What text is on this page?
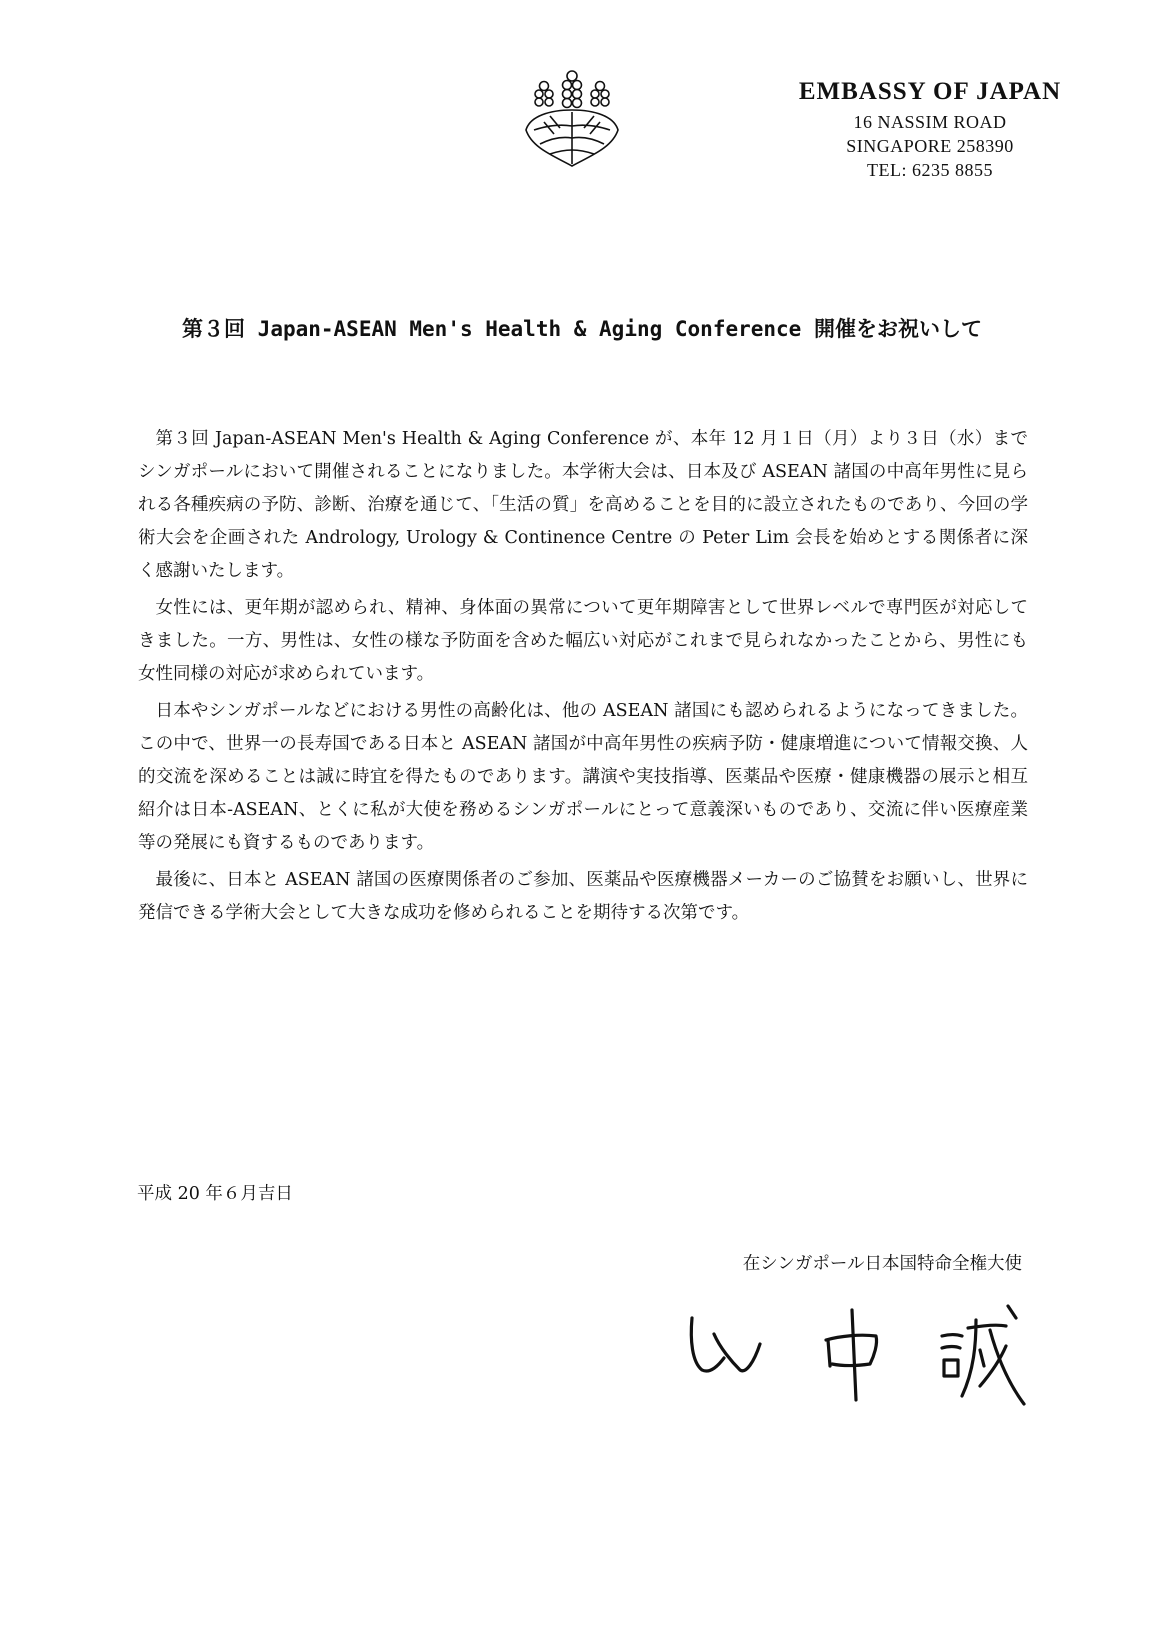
EMBASSY OF JAPAN
16 NASSIM ROAD
SINGAPORE 258390
TEL: 6235 8855
第３回 Japan-ASEAN Men's Health & Aging Conference 開催をお祝いして

第３回 Japan-ASEAN Men's Health & Aging Conference が、本年 12 月１日（月）より３日（水）までシンガポールにおいて開催されることになりました。本学術大会は、日本及び ASEAN 諸国の中高年男性に見られる各種疾病の予防、診断、治療を通じて、「生活の質」を高めることを目的に設立されたものであり、今回の学術大会を企画された Andrology, Urology & Continence Centre の Peter Lim 会長を始めとする関係者に深く感謝いたします。

女性には、更年期が認められ、精神、身体面の異常について更年期障害として世界レベルで専門医が対応してきました。一方、男性は、女性の様な予防面を含めた幅広い対応がこれまで見られなかったことから、男性にも女性同様の対応が求められています。

日本やシンガポールなどにおける男性の高齢化は、他の ASEAN 諸国にも認められるようになってきました。この中で、世界一の長寿国である日本と ASEAN 諸国が中高年男性の疾病予防・健康増進について情報交換、人的交流を深めることは誠に時宜を得たものであります。講演や実技指導、医薬品や医療・健康機器の展示と相互紹介は日本-ASEAN、とくに私が大使を務めるシンガポールにとって意義深いものであり、交流に伴い医療産業等の発展にも資するものであります。

最後に、日本と ASEAN 諸国の医療関係者のご参加、医薬品や医療機器メーカーのご協賛をお願いし、世界に発信できる学術大会として大きな成功を修められることを期待する次第です。

平成 20 年６月吉日
在シンガポール日本国特命全権大使
